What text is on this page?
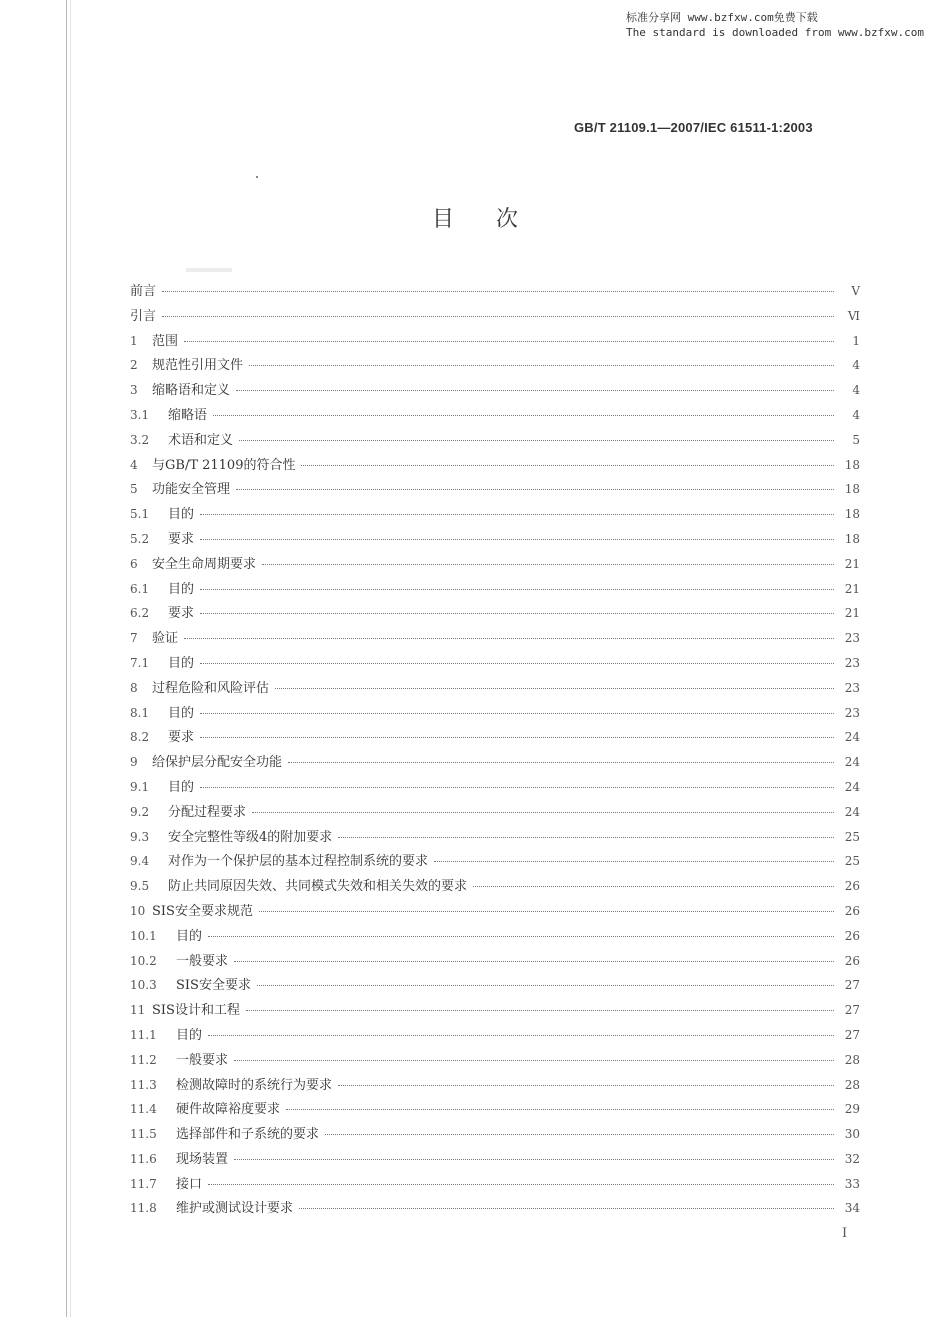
标准分享网 www.bzfxw.com免费下载
The standard is downloaded from www.bzfxw.com
GB/T 21109.1—2007/IEC 61511-1:2003
目次
前言	V
引言	Ⅵ
1 范围	1
2 规范性引用文件	4
3 缩略语和定义	4
3.1 缩略语	4
3.2 术语和定义	5
4 与GB/T 21109的符合性	18
5 功能安全管理	18
5.1 目的	18
5.2 要求	18
6 安全生命周期要求	21
6.1 目的	21
6.2 要求	21
7 验证	23
7.1 目的	23
8 过程危险和风险评估	23
8.1 目的	23
8.2 要求	24
9 给保护层分配安全功能	24
9.1 目的	24
9.2 分配过程要求	24
9.3 安全完整性等级4的附加要求	25
9.4 对作为一个保护层的基本过程控制系统的要求	25
9.5 防止共同原因失效、共同模式失效和相关失效的要求	26
10 SIS安全要求规范	26
10.1 目的	26
10.2 一般要求	26
10.3 SIS安全要求	27
11 SIS设计和工程	27
11.1 目的	27
11.2 一般要求	28
11.3 检测故障时的系统行为要求	28
11.4 硬件故障裕度要求	29
11.5 选择部件和子系统的要求	30
11.6 现场装置	32
11.7 接口	33
11.8 维护或测试设计要求	34
I
